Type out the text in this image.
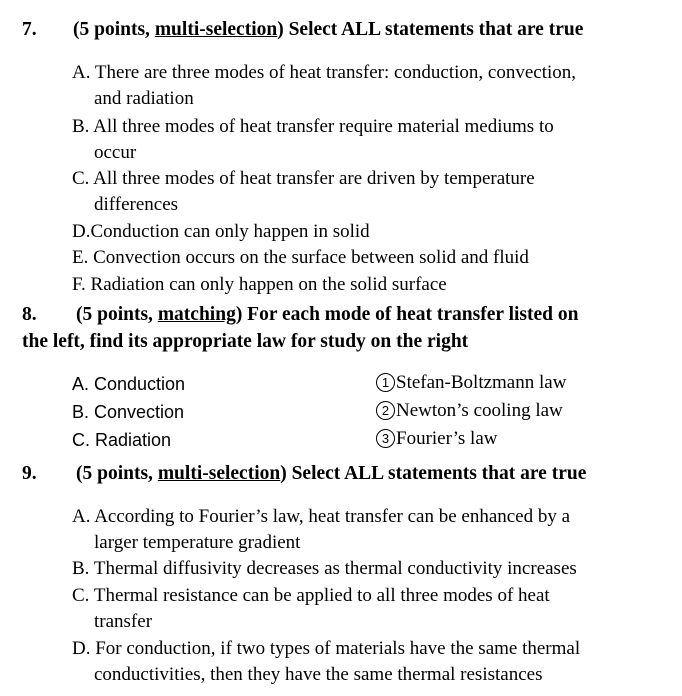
7. (5 points, multi-selection) Select ALL statements that are true
A. There are three modes of heat transfer: conduction, convection,
and radiation
B. All three modes of heat transfer require material mediums to
occur
C. All three modes of heat transfer are driven by temperature
differences
D.Conduction can only happen in solid
E. Convection occurs on the surface between solid and fluid
F. Radiation can only happen on the solid surface
8. (5 points, matching) For each mode of heat transfer listed on
the left, find its appropriate law for study on the right
A. Conduction
B. Convection
C. Radiation
1 Stefan-Boltzmann law
2 Newton’s cooling law
3 Fourier’s law
9. (5 points, multi-selection) Select ALL statements that are true
A. According to Fourier’s law, heat transfer can be enhanced by a
larger temperature gradient
B. Thermal diffusivity decreases as thermal conductivity increases
C. Thermal resistance can be applied to all three modes of heat
transfer
D. For conduction, if two types of materials have the same thermal
conductivities, then they have the same thermal resistances
